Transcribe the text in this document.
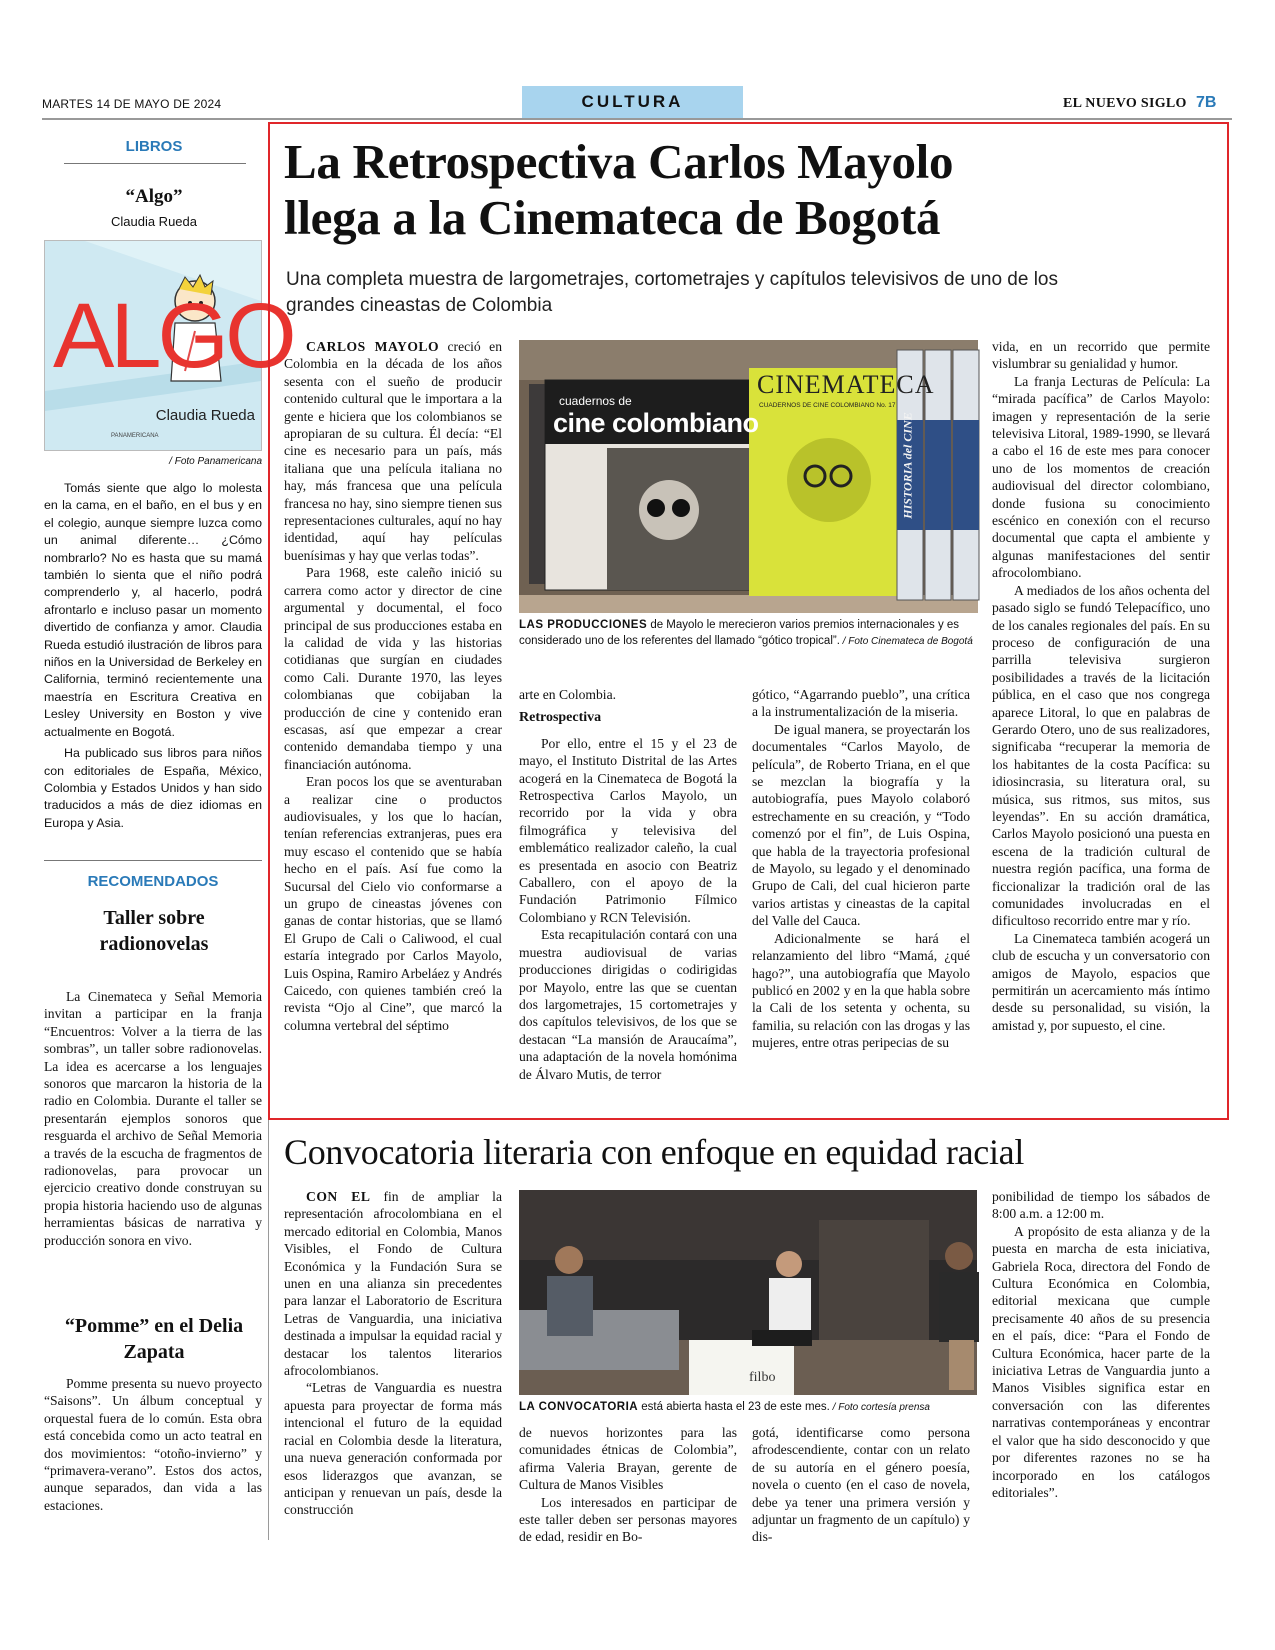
MARTES 14 DE MAYO DE 2024	CULTURA	EL NUEVO SIGLO 7B
LIBROS
“Algo”
Claudia Rueda
ALGO
Claudia Rueda
PANAMERICANA
/ Foto Panamericana

Tomás siente que algo lo molesta en la cama, en el baño, en el bus y en el colegio, aunque siempre luzca como un animal diferente… ¿Cómo nombrarlo? No es hasta que su mamá también lo sienta que el niño podrá comprenderlo y, al hacerlo, podrá afrontarlo e incluso pasar un momento divertido de confianza y amor. Claudia Rueda estudió ilustración de libros para niños en la Universidad de Berkeley en California, terminó recientemente una maestría en Escritura Creativa en Lesley University en Boston y vive actualmente en Bogotá.

Ha publicado sus libros para niños con editoriales de España, México, Colombia y Estados Unidos y han sido traducidos a más de diez idiomas en Europa y Asia.

RECOMENDADOS
Taller sobre radionovelas

La Cinemateca y Señal Memoria invitan a participar en la franja “Encuentros: Volver a la tierra de las sombras”, un taller sobre radionovelas. La idea es acercarse a los lenguajes sonoros que marcaron la historia de la radio en Colombia. Durante el taller se presentarán ejemplos sonoros que resguarda el archivo de Señal Memoria a través de la escucha de fragmentos de radionovelas, para provocar un ejercicio creativo donde construyan su propia historia haciendo uso de algunas herramientas básicas de narrativa y producción sonora en vivo.

“Pomme” en el Delia Zapata

Pomme presenta su nuevo proyecto “Saisons”. Un álbum conceptual y orquestal fuera de lo común. Esta obra está concebida como un acto teatral en dos movimientos: “otoño-invierno” y “primavera-verano”. Estos dos actos, aunque separados, dan vida a las estaciones.

La Retrospectiva Carlos Mayolo
llega a la Cinemateca de Bogotá
Una completa muestra de largometrajes, cortometrajes y capítulos televisivos de uno de los grandes cineastas de Colombia

CARLOS MAYOLO creció en Colombia en la década de los años sesenta con el sueño de producir contenido cultural que le importara a la gente e hiciera que los colombianos se apropiaran de su cultura. Él decía: “El cine es necesario para un país, más italiana que una película italiana no hay, más francesa que una película francesa no hay, sino siempre tienen sus representaciones culturales, aquí no hay identidad, aquí hay películas buenísimas y hay que verlas todas”.

Para 1968, este caleño inició su carrera como actor y director de cine argumental y documental, el foco principal de sus producciones estaba en la calidad de vida y las historias cotidianas que surgían en ciudades como Cali. Durante 1970, las leyes colombianas que cobijaban la producción de cine y contenido eran escasas, así que empezar a crear contenido demandaba tiempo y una financiación autónoma.

Eran pocos los que se aventuraban a realizar cine o productos audiovisuales, y los que lo hacían, tenían referencias extranjeras, pues era muy escaso el contenido que se había hecho en el país. Así fue como la Sucursal del Cielo vio conformarse a un grupo de cineastas jóvenes con ganas de contar historias, que se llamó El Grupo de Cali o Caliwood, el cual estaría integrado por Carlos Mayolo, Luis Ospina, Ramiro Arbeláez y Andrés Caicedo, con quienes también creó la revista “Ojo al Cine”, que marcó la columna vertebral del séptimo

cuadernos de
cine colombiano
CINEMATECA
CUADERNOS DE CINE COLOMBIANO No. 17
HISTORIA del CINE
LAS PRODUCCIONES de Mayolo le merecieron varios premios internacionales y es considerado uno de los referentes del llamado “gótico tropical”. / Foto Cinemateca de Bogotá

arte en Colombia.

Retrospectiva

Por ello, entre el 15 y el 23 de mayo, el Instituto Distrital de las Artes acogerá en la Cinemateca de Bogotá la Retrospectiva Carlos Mayolo, un recorrido por la vida y obra filmográfica y televisiva del emblemático realizador caleño, la cual es presentada en asocio con Beatriz Caballero, con el apoyo de la Fundación Patrimonio Fílmico Colombiano y RCN Televisión.

Esta recapitulación contará con una muestra audiovisual de varias producciones dirigidas o codirigidas por Mayolo, entre las que se cuentan dos largometrajes, 15 cortometrajes y dos capítulos televisivos, de los que se destacan “La mansión de Araucaíma”, una adaptación de la novela homónima de Álvaro Mutis, de terror

gótico, “Agarrando pueblo”, una crítica a la instrumentalización de la miseria.

De igual manera, se proyectarán los documentales “Carlos Mayolo, de película”, de Roberto Triana, en el que se mezclan la biografía y la autobiografía, pues Mayolo colaboró estrechamente en su creación, y “Todo comenzó por el fin”, de Luis Ospina, que habla de la trayectoria profesional de Mayolo, su legado y el denominado Grupo de Cali, del cual hicieron parte varios artistas y cineastas de la capital del Valle del Cauca.

Adicionalmente se hará el relanzamiento del libro “Mamá, ¿qué hago?”, una autobiografía que Mayolo publicó en 2002 y en la que habla sobre la Cali de los setenta y ochenta, su familia, su relación con las drogas y las mujeres, entre otras peripecias de su

vida, en un recorrido que permite vislumbrar su genialidad y humor.

La franja Lecturas de Película: La “mirada pacífica” de Carlos Mayolo: imagen y representación de la serie televisiva Litoral, 1989-1990, se llevará a cabo el 16 de este mes para conocer uno de los momentos de creación audiovisual del director colombiano, donde fusiona su conocimiento escénico en conexión con el recurso documental que capta el ambiente y algunas manifestaciones del sentir afrocolombiano.

A mediados de los años ochenta del pasado siglo se fundó Telepacífico, uno de los canales regionales del país. En su proceso de configuración de una parrilla televisiva surgieron posibilidades a través de la licitación pública, en el caso que nos congrega aparece Litoral, lo que en palabras de Gerardo Otero, uno de sus realizadores, significaba “recuperar la memoria de los habitantes de la costa Pacífica: su idiosincrasia, su literatura oral, su música, sus ritmos, sus mitos, sus leyendas”. En su acción dramática, Carlos Mayolo posicionó una puesta en escena de la tradición cultural de nuestra región pacífica, una forma de ficcionalizar la tradición oral de las comunidades involucradas en el dificultoso recorrido entre mar y río.

La Cinemateca también acogerá un club de escucha y un conversatorio con amigos de Mayolo, espacios que permitirán un acercamiento más íntimo desde su personalidad, su visión, la amistad y, por supuesto, el cine.

Convocatoria literaria con enfoque en equidad racial

CON EL fin de ampliar la representación afrocolombiana en el mercado editorial en Colombia, Manos Visibles, el Fondo de Cultura Económica y la Fundación Sura se unen en una alianza sin precedentes para lanzar el Laboratorio de Escritura Letras de Vanguardia, una iniciativa destinada a impulsar la equidad racial y destacar los talentos literarios afrocolombianos.

“Letras de Vanguardia es nuestra apuesta para proyectar de forma más intencional el futuro de la equidad racial en Colombia desde la literatura, una nueva generación conformada por esos liderazgos que avanzan, se anticipan y renuevan un país, desde la construcción

filbo
LA CONVOCATORIA está abierta hasta el 23 de este mes. / Foto cortesía prensa

de nuevos horizontes para las comunidades étnicas de Colombia”, afirma Valeria Brayan, gerente de Cultura de Manos Visibles

Los interesados en participar de este taller deben ser personas mayores de edad, residir en Bo-

gotá, identificarse como persona afrodescendiente, contar con un relato de su autoría en el género poesía, novela o cuento (en el caso de novela, debe ya tener una primera versión y adjuntar un fragmento de un capítulo) y dis-

ponibilidad de tiempo los sábados de 8:00 a.m. a 12:00 m.

A propósito de esta alianza y de la puesta en marcha de esta iniciativa, Gabriela Roca, directora del Fondo de Cultura Económica en Colombia, editorial mexicana que cumple precisamente 40 años de su presencia en el país, dice: “Para el Fondo de Cultura Económica, hacer parte de la iniciativa Letras de Vanguardia junto a Manos Visibles significa estar en conversación con las diferentes narrativas contemporáneas y encontrar el valor que ha sido desconocido y que por diferentes razones no se ha incorporado en los catálogos editoriales”.
